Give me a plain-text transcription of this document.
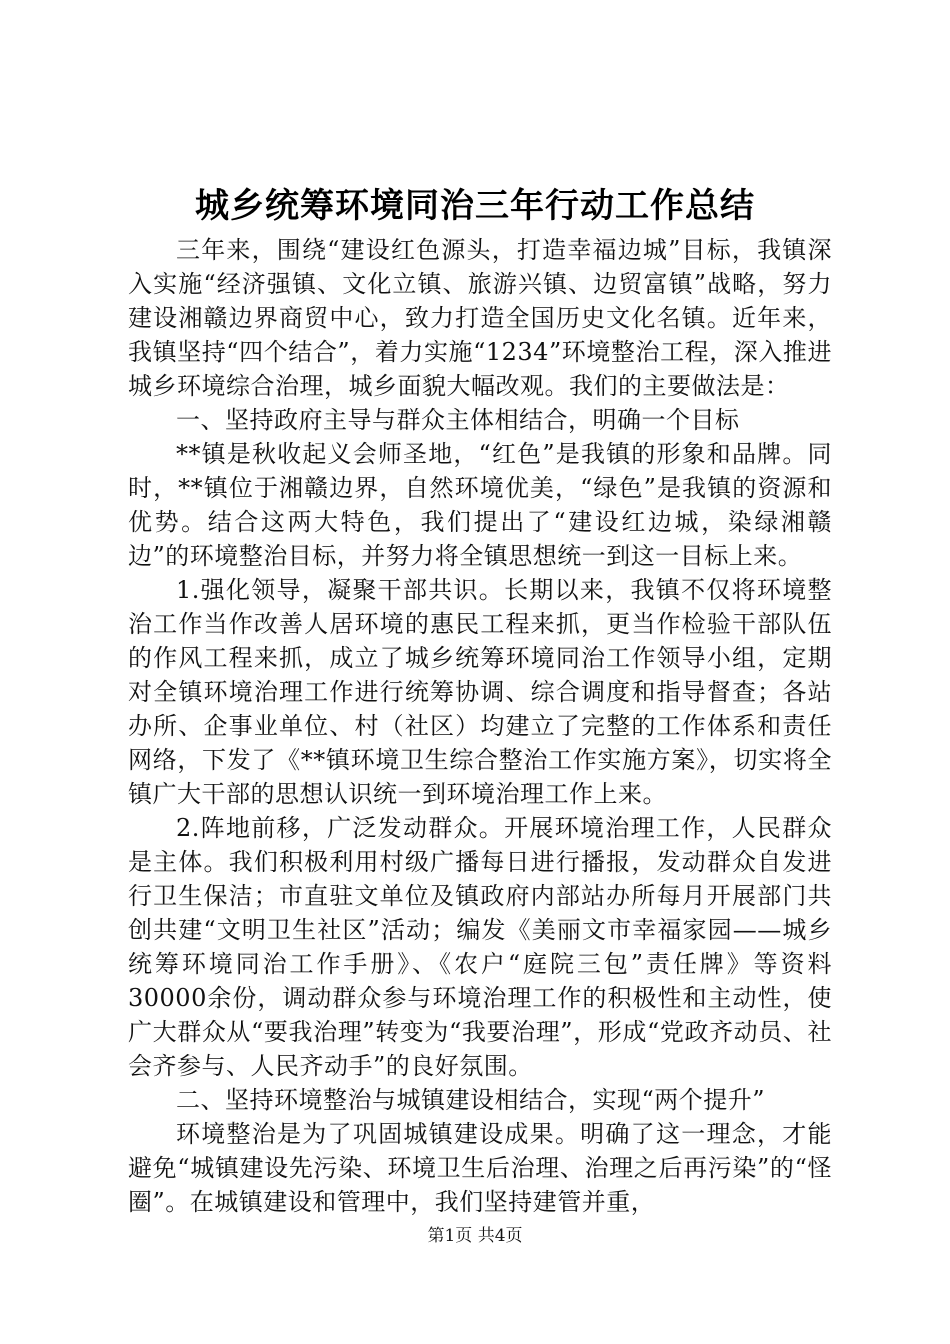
城乡统筹环境同治三年行动工作总结

三年来，围绕“建设红色源头，打造幸福边城”目标，我镇深入实施“经济强镇、文化立镇、旅游兴镇、边贸富镇”战略，努力建设湘赣边界商贸中心，致力打造全国历史文化名镇。近年来，我镇坚持“四个结合”，着力实施“1234”环境整治工程，深入推进城乡环境综合治理，城乡面貌大幅改观。我们的主要做法是：

一、坚持政府主导与群众主体相结合，明确一个目标

**镇是秋收起义会师圣地，“红色”是我镇的形象和品牌。同时，**镇位于湘赣边界，自然环境优美，“绿色”是我镇的资源和优势。结合这两大特色，我们提出了“建设红边城，染绿湘赣边”的环境整治目标，并努力将全镇思想统一到这一目标上来。

1.强化领导，凝聚干部共识。长期以来，我镇不仅将环境整治工作当作改善人居环境的惠民工程来抓，更当作检验干部队伍的作风工程来抓，成立了城乡统筹环境同治工作领导小组，定期对全镇环境治理工作进行统筹协调、综合调度和指导督查；各站办所、企事业单位、村（社区）均建立了完整的工作体系和责任网络，下发了《**镇环境卫生综合整治工作实施方案》，切实将全镇广大干部的思想认识统一到环境治理工作上来。

2.阵地前移，广泛发动群众。开展环境治理工作，人民群众是主体。我们积极利用村级广播每日进行播报，发动群众自发进行卫生保洁；市直驻文单位及镇政府内部站办所每月开展部门共创共建“文明卫生社区”活动；编发《美丽文市幸福家园——城乡统筹环境同治工作手册》、《农户“庭院三包”责任牌》等资料30000余份，调动群众参与环境治理工作的积极性和主动性，使广大群众从“要我治理”转变为“我要治理”，形成“党政齐动员、社会齐参与、人民齐动手”的良好氛围。

二、坚持环境整治与城镇建设相结合，实现“两个提升”

环境整治是为了巩固城镇建设成果。明确了这一理念，才能避免“城镇建设先污染、环境卫生后治理、治理之后再污染”的“怪圈”。在城镇建设和管理中，我们坚持建管并重，

第1页 共4页
